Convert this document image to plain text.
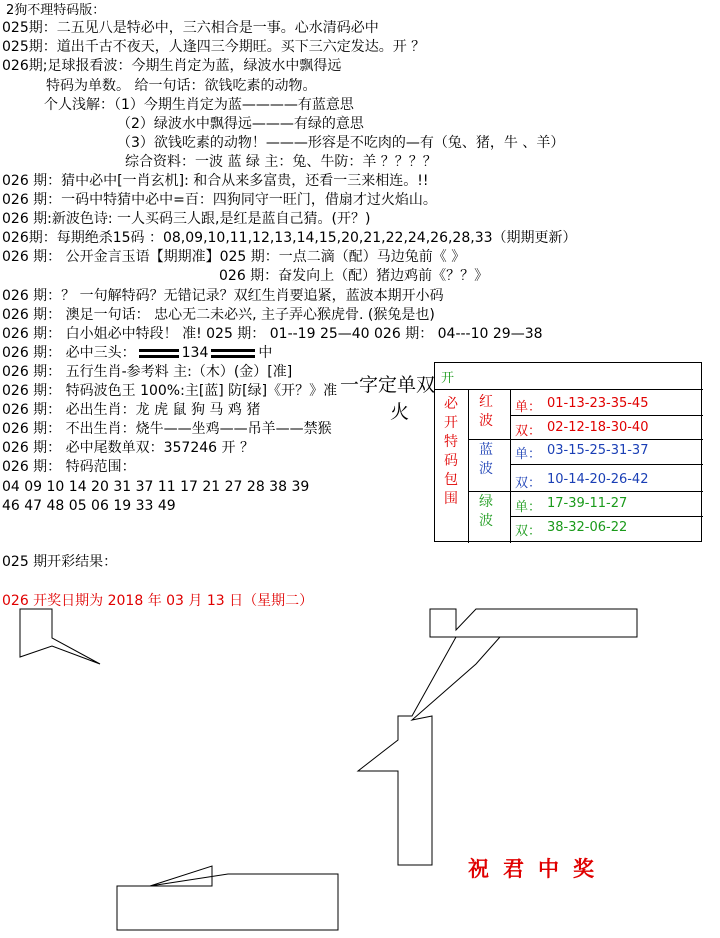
2狗不理特码版：
025期：二五见八是特必中，三六相合是一事。心水清码必中
025期：道出千古不夜天，人逢四三今期旺。买下三六定发达。开 ？
026期;足球报看波：今期生肖定为蓝，绿波水中飘得远
特码为单数。 给一句话：欲钱吃素的动物。
个人浅解：（1）今期生肖定为蓝————有蓝意思
（2）绿波水中飘得远———有绿的意思
（3）欲钱吃素的动物！———形容是不吃肉的—有（兔、猪，牛 、羊）
综合资料：一波 蓝 绿 主：兔、牛防：羊 ？？？？
026 期：猜中必中[一肖玄机]: 和合从来多富贵，还看一三来相连。!!
026 期：一码中特猜中必中=百：四狗同守一旺门，借扇才过火焰山。
026 期:新波色诗: 一人买码三人跟,是红是蓝自己猜。(开？)
026期：每期绝杀15码 ：08,09,10,11,12,13,14,15,20,21,22,24,26,28,33（期期更新）
026 期： 公开金言玉语【期期准】025 期：一点二滴（配）马边兔前《 》
026 期：奋发向上（配）猪边鸡前《？？》
026 期：？ 一句解特码？无错记录？双红生肖要追紧，蓝波本期开小码
026 期： 澳足一句话： 忠心无二未必兴, 主子弄心猴虎骨. (猴兔是也)
026 期： 白小姐必中特段！ 准! 025 期： 01--19 25—40 026 期： 04---10 29—38
026 期： 必中三头：	134	中
026 期： 五行生肖-参考料 主:（木）(金）[准]
026 期： 特码波色王 100%:主[蓝] 防[绿]《开？》准
026 期： 必出生肖：龙 虎 鼠 狗 马 鸡 猪
026 期： 不出生肖：烧牛——坐鸡——吊羊——禁猴
026 期： 必中尾数单双：357246 开 ？
026 期： 特码范围：
04 09 10 14 20 31 37 11 17 21 27 28 38 39
46 47 48 05 06 19 33 49
一字定单双
火
开
必开特码包围
红波
单： 01-13-23-35-45
双： 02-12-18-30-40
蓝波
单： 03-15-25-31-37
双： 10-14-20-26-42
绿波
单： 17-39-11-27
双： 38-32-06-22
025 期开彩结果：
026 开奖日期为 2018 年 03 月 13 日（星期二）
祝君中奖
